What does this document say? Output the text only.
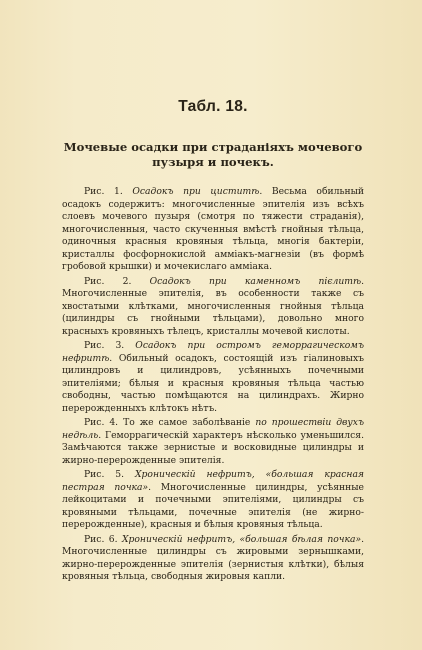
Табл. 18.
Мочевые осадки при страданіяхъ мочевого пузыря и почекъ.

Рис. 1. Осадокъ при циститѣ. Весьма обильный осадокъ содержитъ: многочисленные эпителія изъ всѣхъ слоевъ мочевого пузыря (смотря по тяжести страданія), многочисленныя, часто скученныя вмѣстѣ гнойныя тѣльца, одиночныя красныя кровяныя тѣльца, многія бактеріи, кристаллы фосфорнокислой аммiакъ-магнезіи (въ формѣ гробовой крышки) и мочекислаго аммiака.

Рис. 2. Осадокъ при каменномъ пієлитѣ. Многочисленные эпителія, въ особенности также съ хвостатыми клѣтками, многочисленныя гнойныя тѣльца (цилиндры съ гнойными тѣльцами), довольно много красныхъ кровяныхъ тѣлецъ, кристаллы мочевой кислоты.

Рис. 3. Осадокъ при остромъ геморрагическомъ нефритѣ. Обильный осадокъ, состоящій изъ гіалиновыхъ цилиндровъ и цилиндровъ, усѣянныхъ почечными эпителіями; бѣлыя и красныя кровяныя тѣльца частью свободны, частью помѣщаются на цилиндрахъ. Жирно перерожденныхъ клѣтокъ нѣтъ.

Рис. 4. То же самое заболѣваніе по прошествіи двухъ недѣль. Геморрагическій характеръ нѣсколько уменьшился. Замѣчаются также зернистые и восковидные цилиндры и жирно-перерожденные эпителія.

Рис. 5. Хроническій нефритъ, «большая красная пестрая почка». Многочисленные цилиндры, усѣянные лейкоцитами и почечными эпителіями, цилиндры съ кровяными тѣльцами, почечные эпителія (не жирно-перерожденные), красныя и бѣлыя кровяныя тѣльца.

Рис. 6. Хроническій нефритъ, «большая бѣлая почка». Многочисленные цилиндры съ жировыми зернышками, жирно-перерожденные эпителія (зернистыя клѣтки), бѣлыя кровяныя тѣльца, свободныя жировыя капли.
